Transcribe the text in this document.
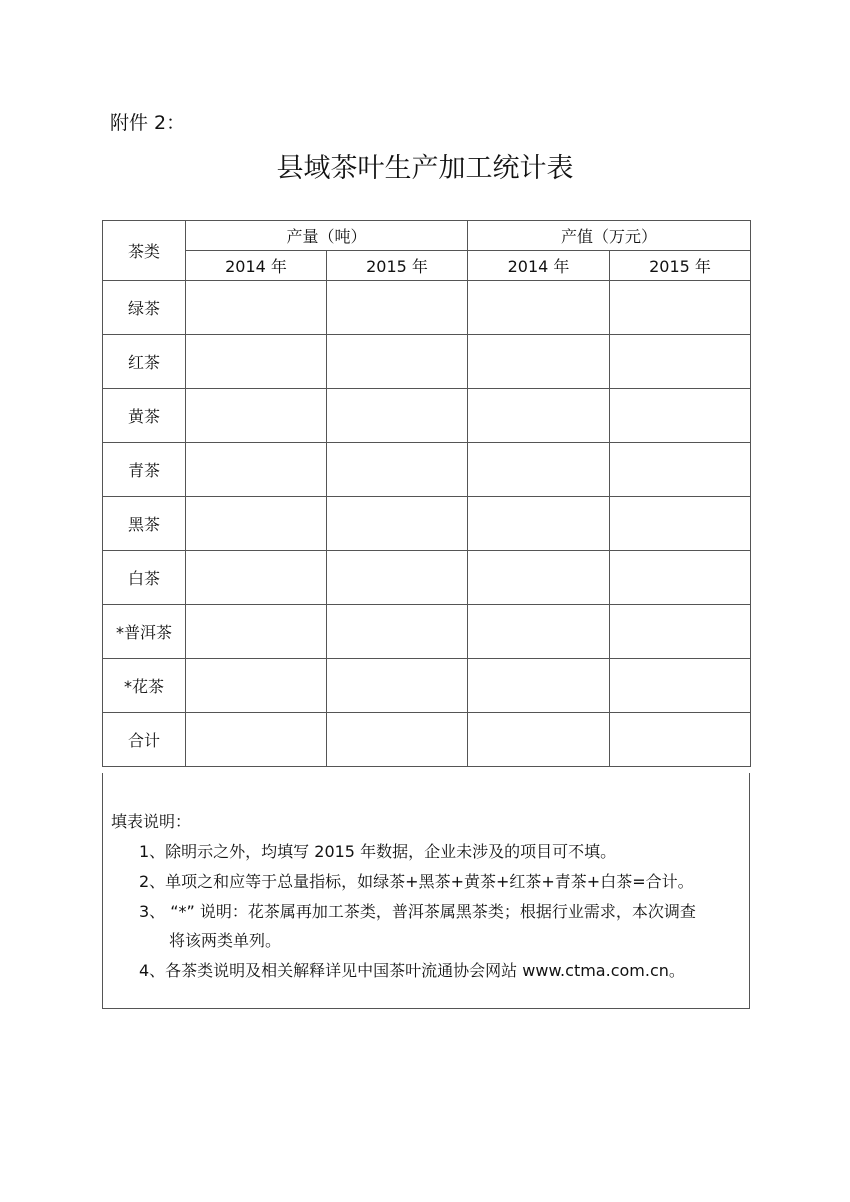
附件 2：
县域茶叶生产加工统计表
茶类	产量（吨）		产值（万元）	
	2014 年	2015 年	2014 年	2015 年
绿茶				
红茶				
黄茶				
青茶				
黑茶				
白茶				
*普洱茶				
*花茶				
合计				
填表说明：
1、除明示之外，均填写 2015 年数据，企业未涉及的项目可不填。
2、单项之和应等于总量指标，如绿茶+黑茶+黄茶+红茶+青茶+白茶=合计。
3、 “*” 说明：花茶属再加工茶类，普洱茶属黑茶类；根据行业需求，本次调查
将该两类单列。
4、各茶类说明及相关解释详见中国茶叶流通协会网站 www.ctma.com.cn。
